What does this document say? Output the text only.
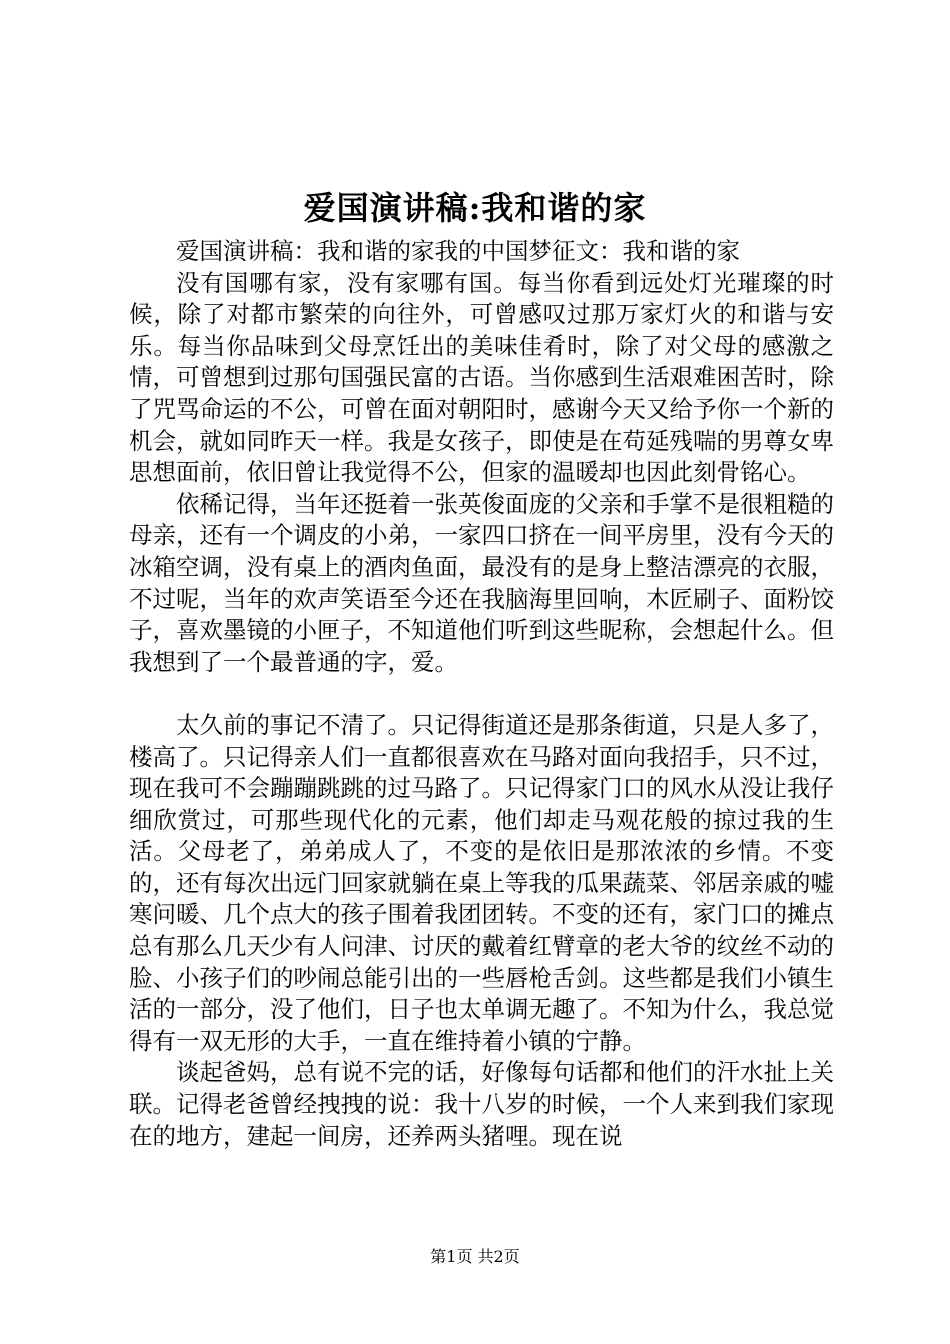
爱国演讲稿:我和谐的家

爱国演讲稿：我和谐的家我的中国梦征文：我和谐的家

没有国哪有家，没有家哪有国。每当你看到远处灯光璀璨的时候，除了对都市繁荣的向往外，可曾感叹过那万家灯火的和谐与安乐。每当你品味到父母烹饪出的美味佳肴时，除了对父母的感激之情，可曾想到过那句国强民富的古语。当你感到生活艰难困苦时，除了咒骂命运的不公，可曾在面对朝阳时，感谢今天又给予你一个新的机会，就如同昨天一样。我是女孩子，即使是在苟延残喘的男尊女卑思想面前，依旧曾让我觉得不公，但家的温暖却也因此刻骨铭心。

依稀记得，当年还挺着一张英俊面庞的父亲和手掌不是很粗糙的母亲，还有一个调皮的小弟，一家四口挤在一间平房里，没有今天的冰箱空调，没有桌上的酒肉鱼面，最没有的是身上整洁漂亮的衣服，不过呢，当年的欢声笑语至今还在我脑海里回响，木匠刷子、面粉饺子，喜欢墨镜的小匣子，不知道他们听到这些昵称，会想起什么。但我想到了一个最普通的字，爱。

太久前的事记不清了。只记得街道还是那条街道，只是人多了，楼高了。只记得亲人们一直都很喜欢在马路对面向我招手，只不过，现在我可不会蹦蹦跳跳的过马路了。只记得家门口的风水从没让我仔细欣赏过，可那些现代化的元素，他们却走马观花般的掠过我的生活。父母老了，弟弟成人了，不变的是依旧是那浓浓的乡情。不变的，还有每次出远门回家就躺在桌上等我的瓜果蔬菜、邻居亲戚的嘘寒问暖、几个点大的孩子围着我团团转。不变的还有，家门口的摊点总有那么几天少有人问津、讨厌的戴着红臂章的老大爷的纹丝不动的脸、小孩子们的吵闹总能引出的一些唇枪舌剑。这些都是我们小镇生活的一部分，没了他们，日子也太单调无趣了。不知为什么，我总觉得有一双无形的大手，一直在维持着小镇的宁静。

谈起爸妈，总有说不完的话，好像每句话都和他们的汗水扯上关联。记得老爸曾经拽拽的说：我十八岁的时候，一个人来到我们家现在的地方，建起一间房，还养两头猪哩。现在说

第1页 共2页
